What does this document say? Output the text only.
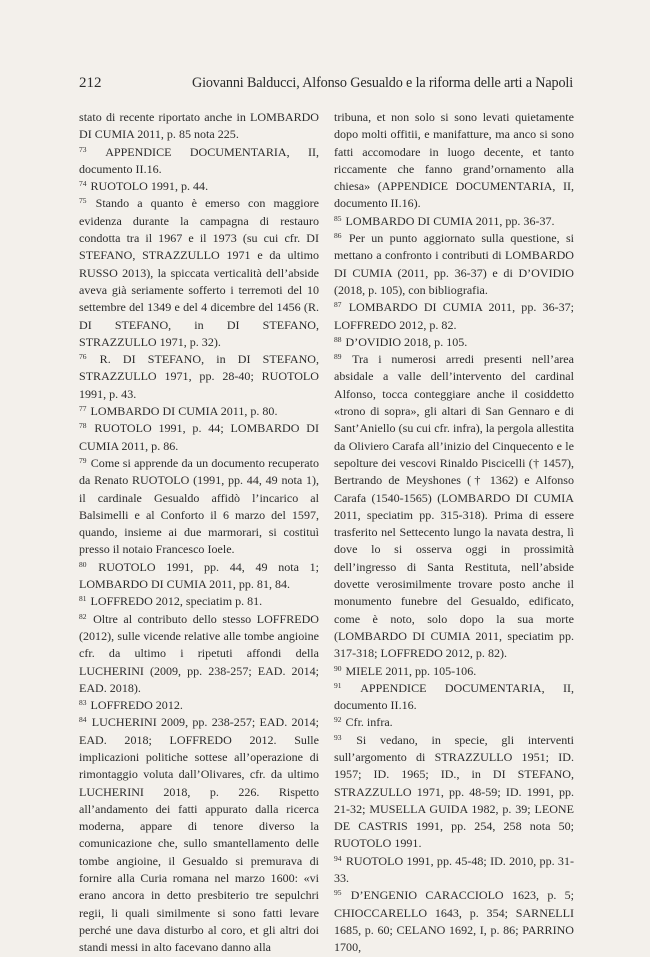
212	Giovanni Balducci, Alfonso Gesualdo e la riforma delle arti a Napoli
stato di recente riportato anche in LOMBARDO DI CUMIA 2011, p. 85 nota 225.
$^{73}$ APPENDICE DOCUMENTARIA, II, documento II.16.
$^{74}$ RUOTOLO 1991, p. 44.
$^{75}$ Stando a quanto è emerso con maggiore evidenza durante la campagna di restauro condotta tra il 1967 e il 1973 (su cui cfr. DI STEFANO, STRAZZULLO 1971 e da ultimo RUSSO 2013), la spiccata verticalità dell’abside aveva già seriamente sofferto i terremoti del 10 settembre del 1349 e del 4 dicembre del 1456 (R. DI STEFANO, in DI STEFANO, STRAZZULLO 1971, p. 32).
$^{76}$ R. DI STEFANO, in DI STEFANO, STRAZZULLO 1971, pp. 28-40; RUOTOLO 1991, p. 43.
$^{77}$ LOMBARDO DI CUMIA 2011, p. 80.
$^{78}$ RUOTOLO 1991, p. 44; LOMBARDO DI CUMIA 2011, p. 86.
$^{79}$ Come si apprende da un documento recuperato da Renato RUOTOLO (1991, pp. 44, 49 nota 1), il cardinale Gesualdo affidò l’incarico al Balsimelli e al Conforto il 6 marzo del 1597, quando, insieme ai due marmorari, si costituì presso il notaio Francesco Ioele.
$^{80}$ RUOTOLO 1991, pp. 44, 49 nota 1; LOMBARDO DI CUMIA 2011, pp. 81, 84.
$^{81}$ LOFFREDO 2012, speciatim p. 81.
$^{82}$ Oltre al contributo dello stesso LOFFREDO (2012), sulle vicende relative alle tombe angioine cfr. da ultimo i ripetuti affondi della LUCHERINI (2009, pp. 238-257; EAD. 2014; EAD. 2018).
$^{83}$ LOFFREDO 2012.
$^{84}$ LUCHERINI 2009, pp. 238-257; EAD. 2014; EAD. 2018; LOFFREDO 2012. Sulle implicazioni politiche sottese all’operazione di rimontaggio voluta dall’Olivares, cfr. da ultimo LUCHERINI 2018, p. 226. Rispetto all’andamento dei fatti appurato dalla ricerca moderna, appare di tenore diverso la comunicazione che, sullo smantellamento delle tombe angioine, il Gesualdo si premurava di fornire alla Curia romana nel marzo 1600: «vi erano ancora in detto presbiterio tre sepulchri regii, li quali similmente si sono fatti levare perché une dava disturbo al coro, et gli altri doi standi messi in alto facevano danno alla
tribuna, et non solo si sono levati quietamente dopo molti offitii, e manifatture, ma anco si sono fatti accomodare in luogo decente, et tanto riccamente che fanno grand’ornamento alla chiesa» (APPENDICE DOCUMENTARIA, II, documento II.16).
$^{85}$ LOMBARDO DI CUMIA 2011, pp. 36-37.
$^{86}$ Per un punto aggiornato sulla questione, si mettano a confronto i contributi di LOMBARDO DI CUMIA (2011, pp. 36-37) e di D’OVIDIO (2018, p. 105), con bibliografia.
$^{87}$ LOMBARDO DI CUMIA 2011, pp. 36-37; LOFFREDO 2012, p. 82.
$^{88}$ D’OVIDIO 2018, p. 105.
$^{89}$ Tra i numerosi arredi presenti nell’area absidale a valle dell’intervento del cardinal Alfonso, tocca conteggiare anche il cosiddetto «trono di sopra», gli altari di San Gennaro e di Sant’Aniello (su cui cfr. infra), la pergola allestita da Oliviero Carafa all’inizio del Cinquecento e le sepolture dei vescovi Rinaldo Piscicelli († 1457), Bertrando de Meyshones († 1362) e Alfonso Carafa (1540-1565) (LOMBARDO DI CUMIA 2011, speciatim pp. 315-318). Prima di essere trasferito nel Settecento lungo la navata destra, lì dove lo si osserva oggi in prossimità dell’ingresso di Santa Restituta, nell’abside dovette verosimilmente trovare posto anche il monumento funebre del Gesualdo, edificato, come è noto, solo dopo la sua morte (LOMBARDO DI CUMIA 2011, speciatim pp. 317-318; LOFFREDO 2012, p. 82).
$^{90}$ MIELE 2011, pp. 105-106.
$^{91}$ APPENDICE DOCUMENTARIA, II, documento II.16.
$^{92}$ Cfr. infra.
$^{93}$ Si vedano, in specie, gli interventi sull’argomento di STRAZZULLO 1951; ID. 1957; ID. 1965; ID., in DI STEFANO, STRAZZULLO 1971, pp. 48-59; ID. 1991, pp. 21-32; MUSELLA GUIDA 1982, p. 39; LEONE DE CASTRIS 1991, pp. 254, 258 nota 50; RUOTOLO 1991.
$^{94}$ RUOTOLO 1991, pp. 45-48; ID. 2010, pp. 31-33.
$^{95}$ D’ENGENIO CARACCIOLO 1623, p. 5; CHIOCCARELLO 1643, p. 354; SARNELLI 1685, p. 60; CELANO 1692, I, p. 86; PARRINO 1700,
